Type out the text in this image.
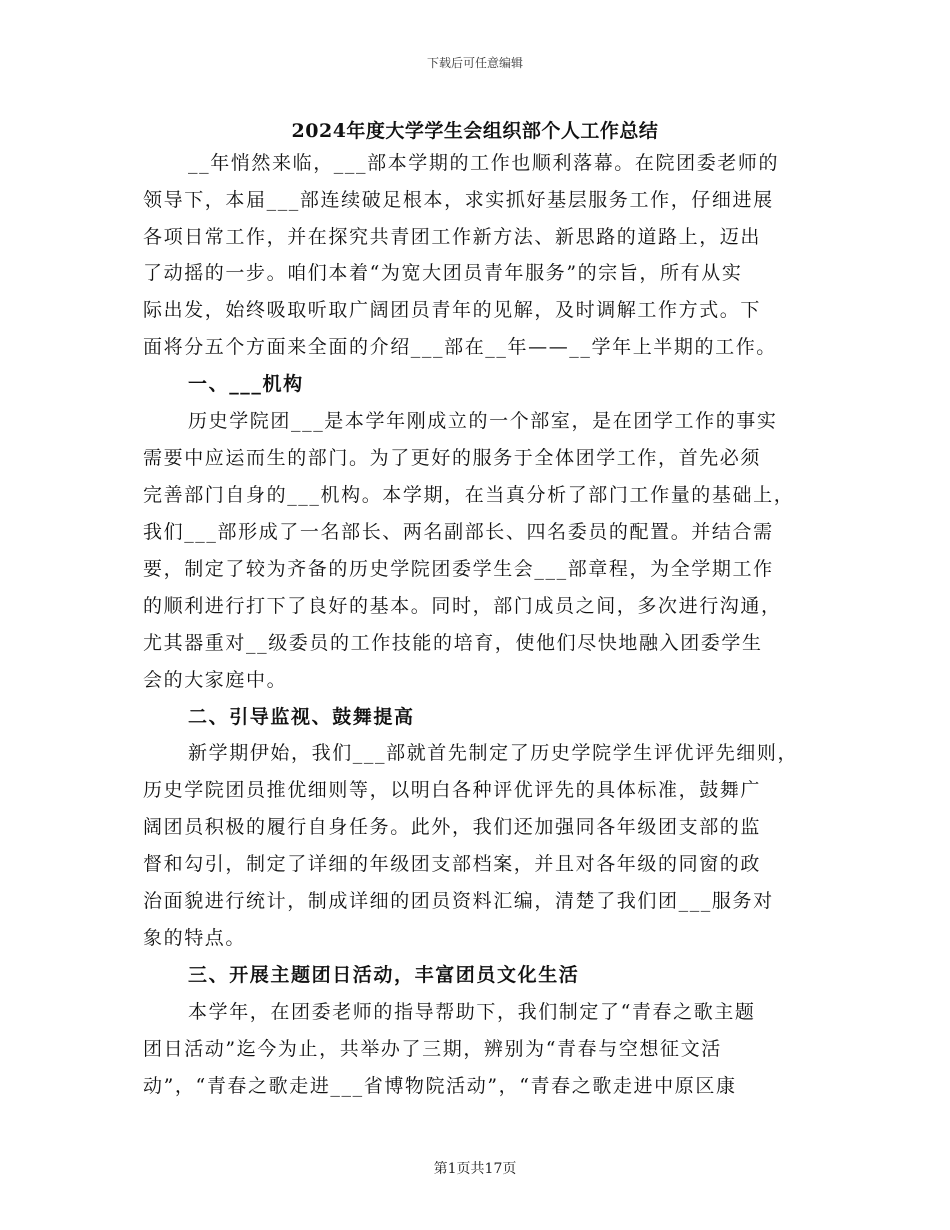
下载后可任意编辑
2024年度大学学生会组织部个人工作总结
__年悄然来临，___部本学期的工作也顺利落幕。在院团委老师的
领导下，本届___部连续破足根本，求实抓好基层服务工作，仔细进展
各项日常工作，并在探究共青团工作新方法、新思路的道路上，迈出
了动摇的一步。咱们本着“为宽大团员青年服务”的宗旨，所有从实
际出发，始终吸取听取广阔团员青年的见解，及时调解工作方式。下
面将分五个方面来全面的介绍___部在__年——__学年上半期的工作。
一、___机构
历史学院团___是本学年刚成立的一个部室，是在团学工作的事实
需要中应运而生的部门。为了更好的服务于全体团学工作，首先必须
完善部门自身的___机构。本学期，在当真分析了部门工作量的基础上，
我们___部形成了一名部长、两名副部长、四名委员的配置。并结合需
要，制定了较为齐备的历史学院团委学生会___部章程，为全学期工作
的顺利进行打下了良好的基本。同时，部门成员之间，多次进行沟通，
尤其器重对__级委员的工作技能的培育，使他们尽快地融入团委学生
会的大家庭中。
二、引导监视、鼓舞提高
新学期伊始，我们___部就首先制定了历史学院学生评优评先细则，
历史学院团员推优细则等，以明白各种评优评先的具体标准，鼓舞广
阔团员积极的履行自身任务。此外，我们还加强同各年级团支部的监
督和勾引，制定了详细的年级团支部档案，并且对各年级的同窗的政
治面貌进行统计，制成详细的团员资料汇编，清楚了我们团___服务对
象的特点。
三、开展主题团日活动，丰富团员文化生活
本学年，在团委老师的指导帮助下，我们制定了“青春之歌主题
团日活动”迄今为止，共举办了三期，辨别为“青春与空想征文活
动”，“青春之歌走进___省博物院活动”，“青春之歌走进中原区康
第1页共17页
